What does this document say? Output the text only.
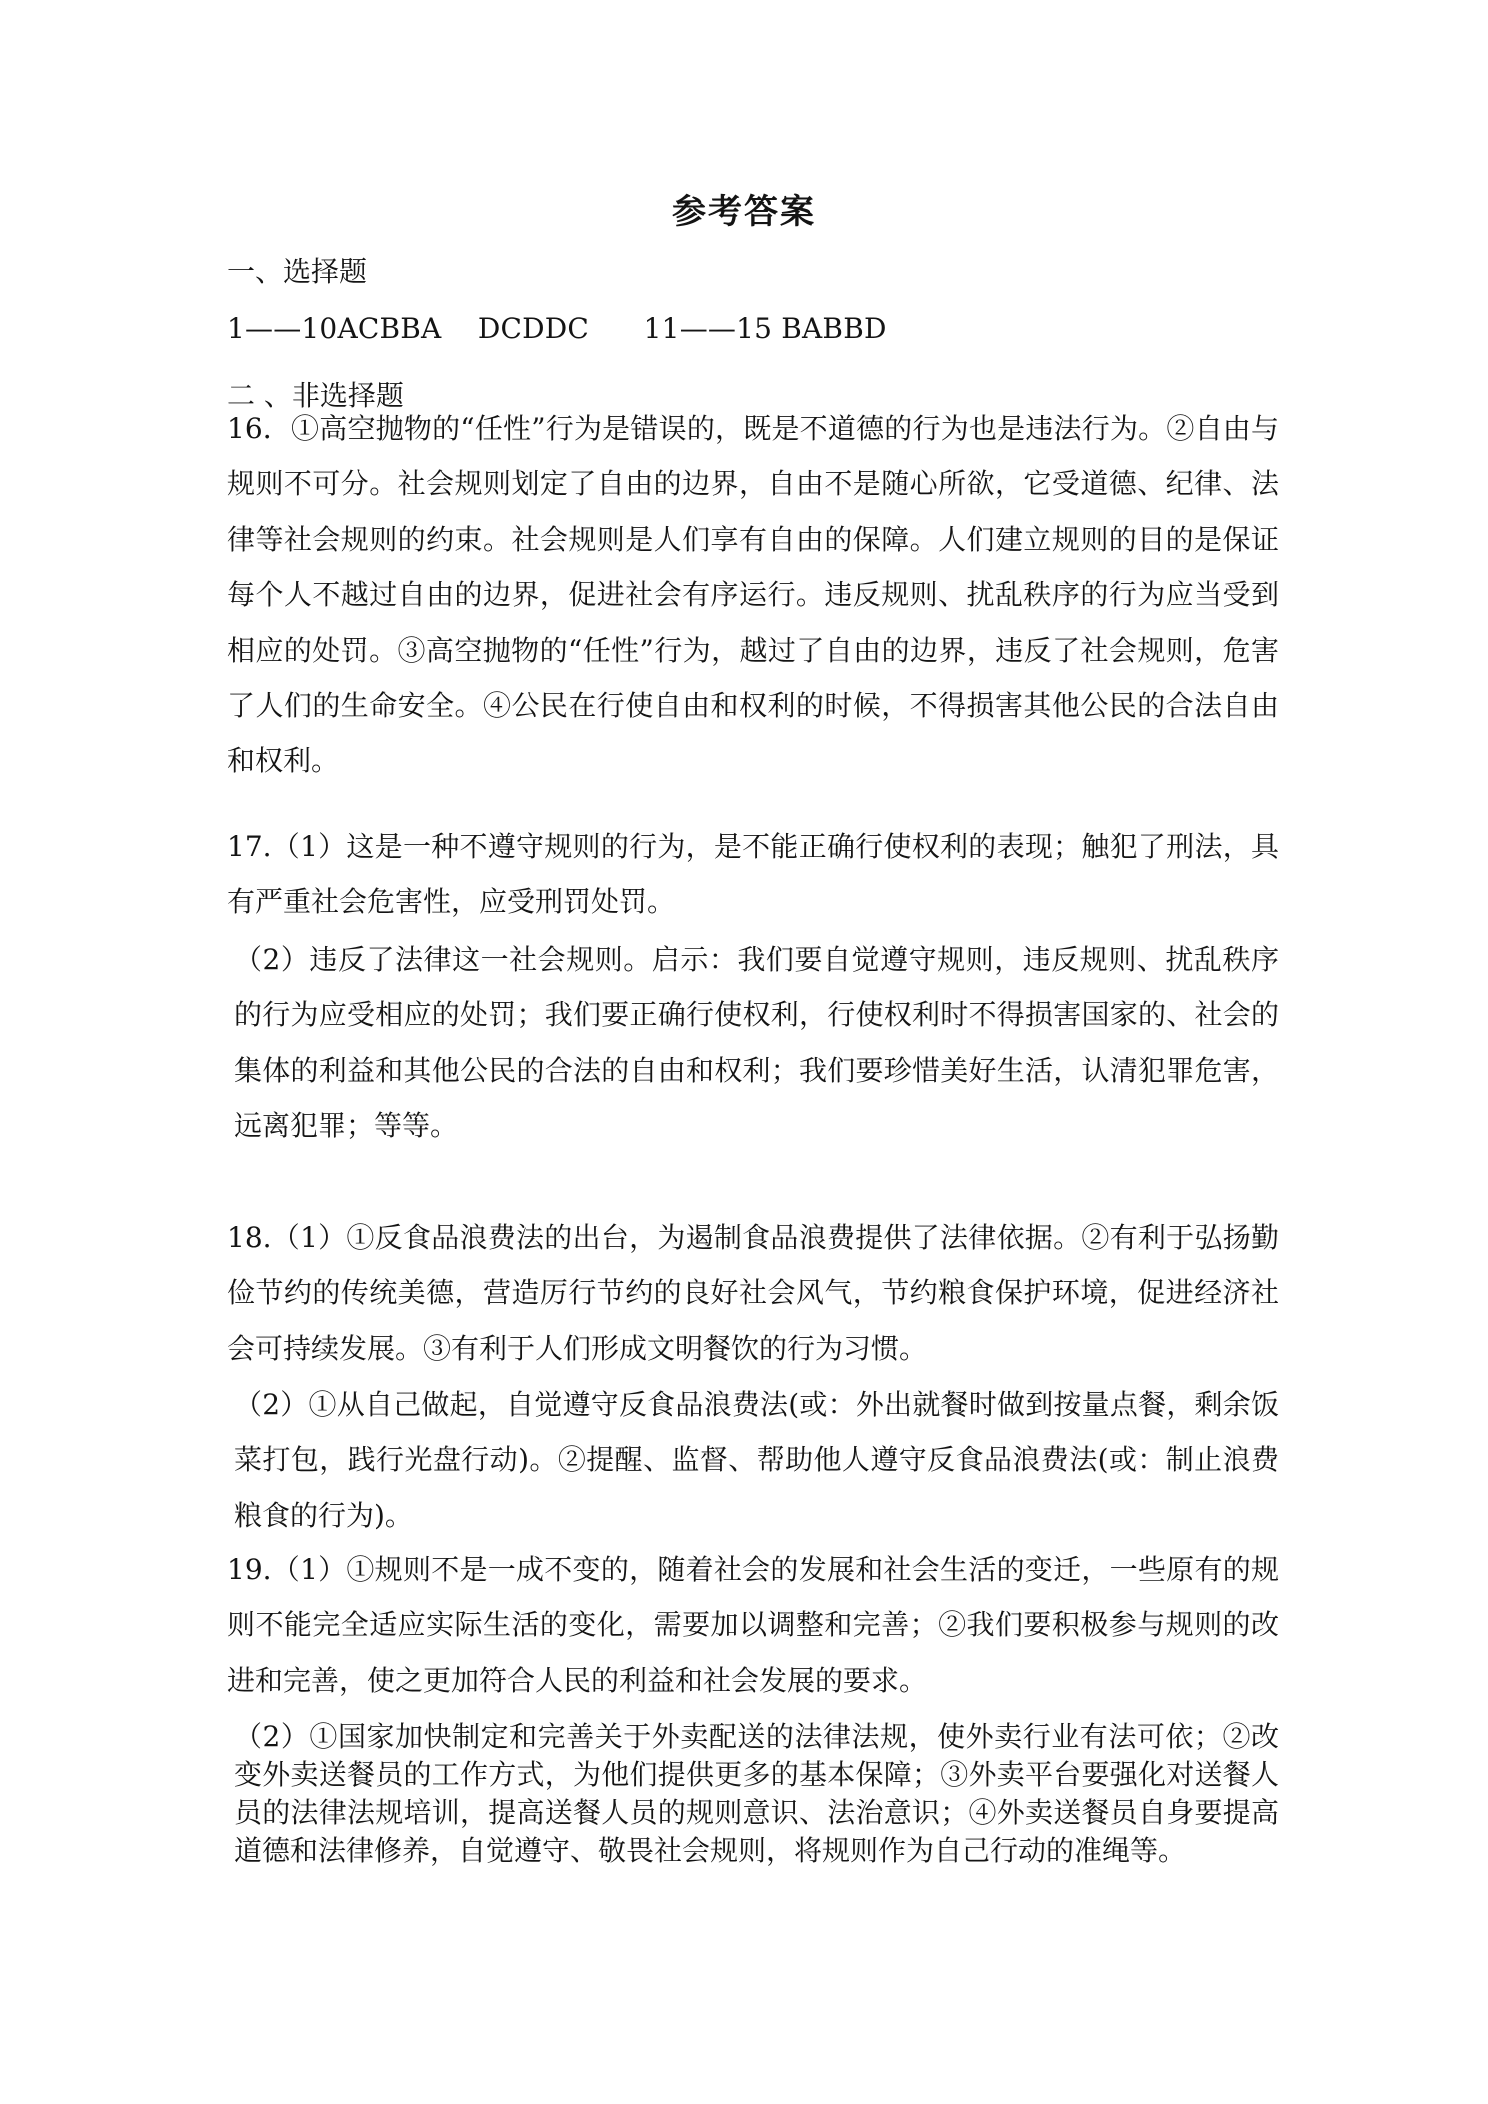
参考答案
一、选择题
1——10ACBBA    DCDDC      11——15 BABBD
二 、非选择题
16．①高空抛物的“任性”行为是错误的，既是不道德的行为也是违法行为。②自由与规则不可分。社会规则划定了自由的边界，自由不是随心所欲，它受道德、纪律、法律等社会规则的约束。社会规则是人们享有自由的保障。人们建立规则的目的是保证每个人不越过自由的边界，促进社会有序运行。违反规则、扰乱秩序的行为应当受到相应的处罚。③高空抛物的“任性”行为，越过了自由的边界，违反了社会规则，危害了人们的生命安全。④公民在行使自由和权利的时候，不得损害其他公民的合法自由和权利。
17.（1）这是一种不遵守规则的行为，是不能正确行使权利的表现；触犯了刑法，具有严重社会危害性，应受刑罚处罚。
（2）违反了法律这一社会规则。启示：我们要自觉遵守规则，违反规则、扰乱秩序的行为应受相应的处罚；我们要正确行使权利，行使权利时不得损害国家的、社会的集体的利益和其他公民的合法的自由和权利；我们要珍惜美好生活，认清犯罪危害，远离犯罪；等等。
18.（1）①反食品浪费法的出台，为遏制食品浪费提供了法律依据。②有利于弘扬勤俭节约的传统美德，营造厉行节约的良好社会风气，节约粮食保护环境，促进经济社会可持续发展。③有利于人们形成文明餐饮的行为习惯。
（2）①从自己做起，自觉遵守反食品浪费法(或：外出就餐时做到按量点餐，剩余饭菜打包，践行光盘行动)。②提醒、监督、帮助他人遵守反食品浪费法(或：制止浪费粮食的行为)。
19.（1）①规则不是一成不变的，随着社会的发展和社会生活的变迁，一些原有的规则不能完全适应实际生活的变化，需要加以调整和完善；②我们要积极参与规则的改进和完善，使之更加符合人民的利益和社会发展的要求。
（2）①国家加快制定和完善关于外卖配送的法律法规，使外卖行业有法可依；②改变外卖送餐员的工作方式，为他们提供更多的基本保障；③外卖平台要强化对送餐人员的法律法规培训，提高送餐人员的规则意识、法治意识；④外卖送餐员自身要提高道德和法律修养，自觉遵守、敬畏社会规则，将规则作为自己行动的准绳等。
